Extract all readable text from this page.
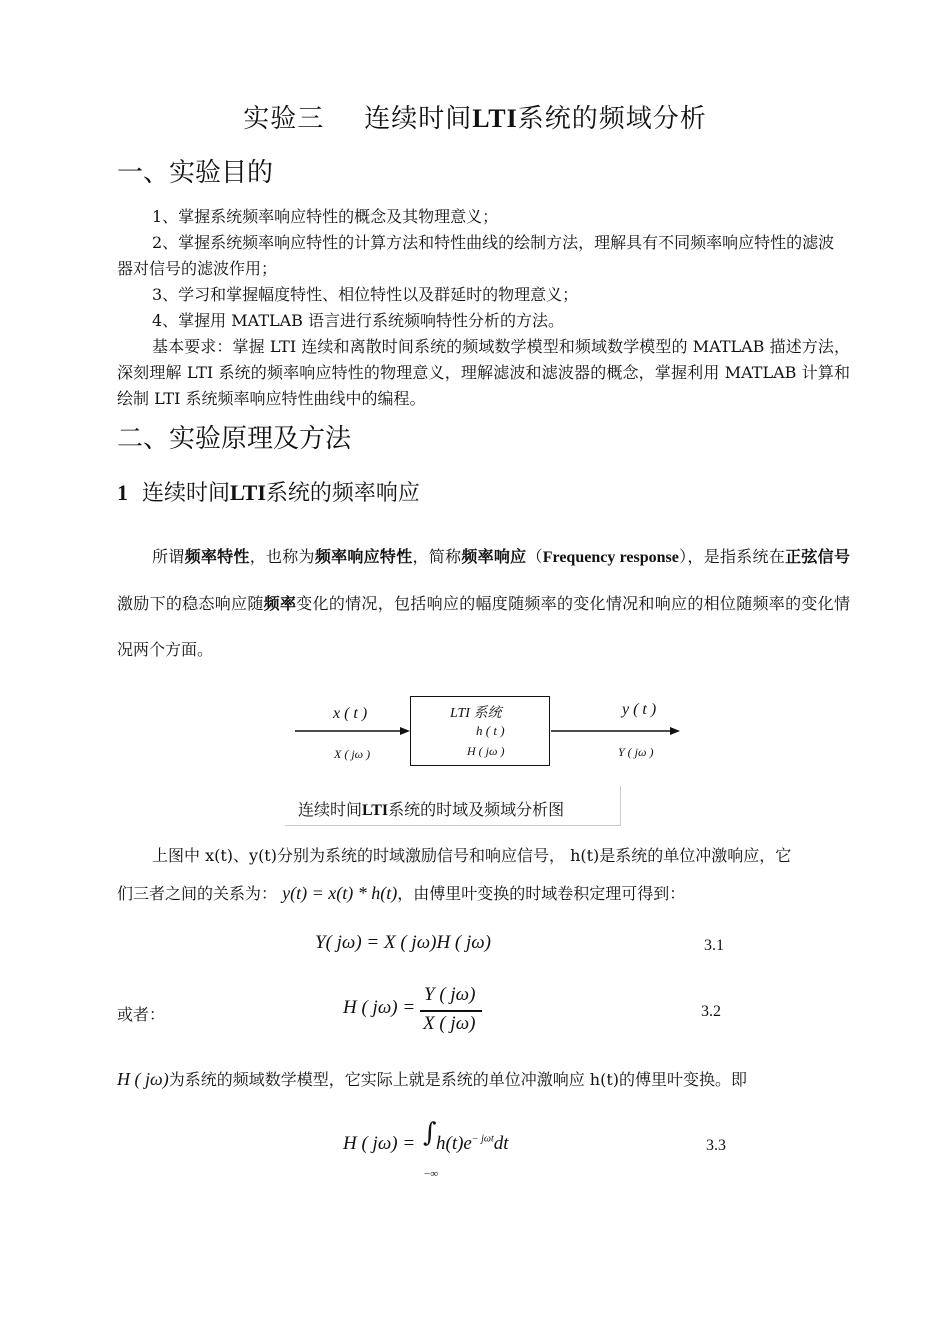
实验三 连续时间LTI系统的频域分析
一、实验目的
1、掌握系统频率响应特性的概念及其物理意义；
2、掌握系统频率响应特性的计算方法和特性曲线的绘制方法，理解具有不同频率响应特性的滤波器对信号的滤波作用；
3、学习和掌握幅度特性、相位特性以及群延时的物理意义；
4、掌握用 MATLAB 语言进行系统频响特性分析的方法。
基本要求：掌握 LTI 连续和离散时间系统的频域数学模型和频域数学模型的 MATLAB 描述方法，深刻理解 LTI 系统的频率响应特性的物理意义，理解滤波和滤波器的概念，掌握利用 MATLAB 计算和绘制 LTI 系统频率响应特性曲线中的编程。
二、实验原理及方法
1 连续时间LTI系统的频率响应
所谓频率特性，也称为频率响应特性，简称频率响应（Frequency response），是指系统在正弦信号激励下的稳态响应随频率变化的情况，包括响应的幅度随频率的变化情况和响应的相位随频率的变化情况两个方面。
x ( t )
X ( jω )
LTI 系统
h ( t )
H ( jω )
y ( t )
Y ( jω )
连续时间LTI系统的时域及频域分析图
上图中 x(t)、y(t)分别为系统的时域激励信号和响应信号， h(t)是系统的单位冲激响应，它
们三者之间的关系为： y(t) = x(t) * h(t)，由傅里叶变换的时域卷积定理可得到：
Y( jω) = X ( jω)H ( jω)	3.1
或者：	H ( jω) =
Y ( jω)
X ( jω)
3.2
H ( jω)为系统的频域数学模型，它实际上就是系统的单位冲激响应 h(t)的傅里叶变换。即
H ( jω) = ∫ $h(t)e^{- j\omega t}dt$
−∞
3.3
